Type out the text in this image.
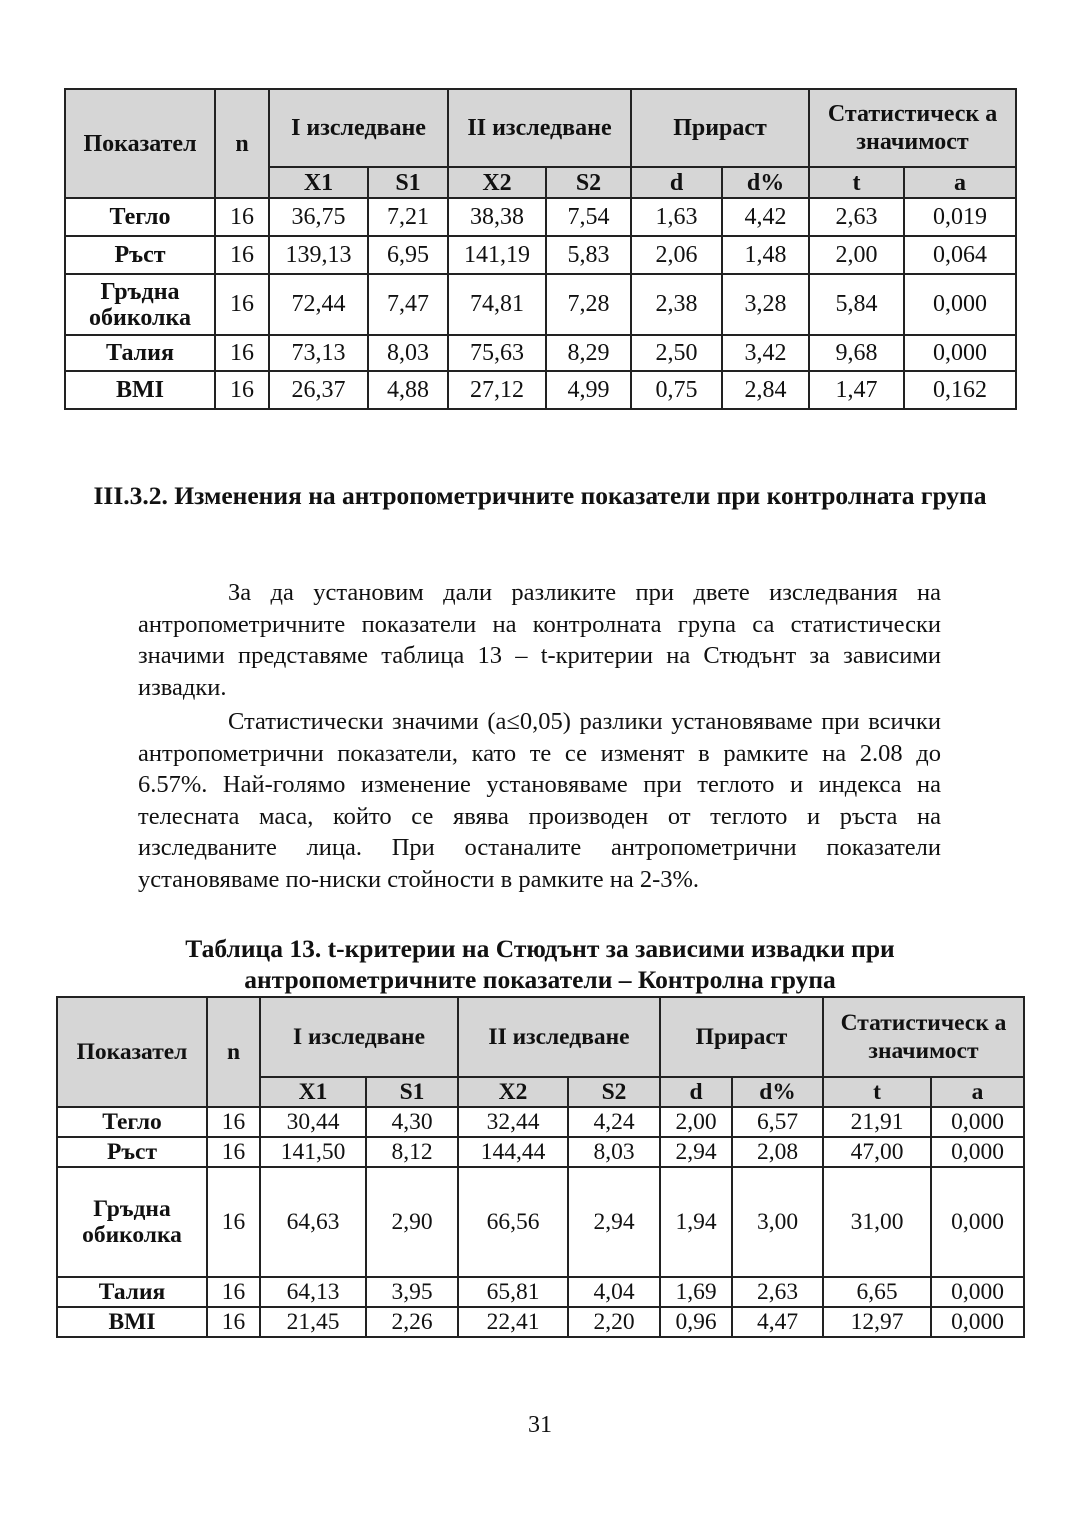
Показател	n	I изследване		II изследване		Прираст		Статистическ а значимост	
		X1	S1	X2	S2	d	d%	t	a
Тегло	16	36,75	7,21	38,38	7,54	1,63	4,42	2,63	0,019
Ръст	16	139,13	6,95	141,19	5,83	2,06	1,48	2,00	0,064
Гръдна обиколка	16	72,44	7,47	74,81	7,28	2,38	3,28	5,84	0,000
Талия	16	73,13	8,03	75,63	8,29	2,50	3,42	9,68	0,000
BMI	16	26,37	4,88	27,12	4,99	0,75	2,84	1,47	0,162
III.3.2. Изменения на антропометричните показатели при контролната група

За да установим дали разликите при двете изследвания на антропометричните показатели на контролната група са статистически значими представяме таблица 13 – t-критерии на Стюдънт за зависими извадки.

Статистически значими (a≤0,05) разлики установяваме при всички антропометрични показатели, като те се изменят в рамките на 2.08 до 6.57%. Най-голямо изменение установяваме при теглото и индекса на телесната маса, който се явява производен от теглото и ръста на изследваните лица. При останалите антропометрични показатели установяваме по-ниски стойности в рамките на 2-3%.

Таблица 13. t-критерии на Стюдънт за зависими извадки при антропометричните показатели – Контролна група
Показател	n	I изследване		II изследване		Прираст		Статистическ а значимост	
		X1	S1	X2	S2	d	d%	t	a
Тегло	16	30,44	4,30	32,44	4,24	2,00	6,57	21,91	0,000
Ръст	16	141,50	8,12	144,44	8,03	2,94	2,08	47,00	0,000
Гръдна обиколка	16	64,63	2,90	66,56	2,94	1,94	3,00	31,00	0,000
Талия	16	64,13	3,95	65,81	4,04	1,69	2,63	6,65	0,000
BMI	16	21,45	2,26	22,41	2,20	0,96	4,47	12,97	0,000
31
